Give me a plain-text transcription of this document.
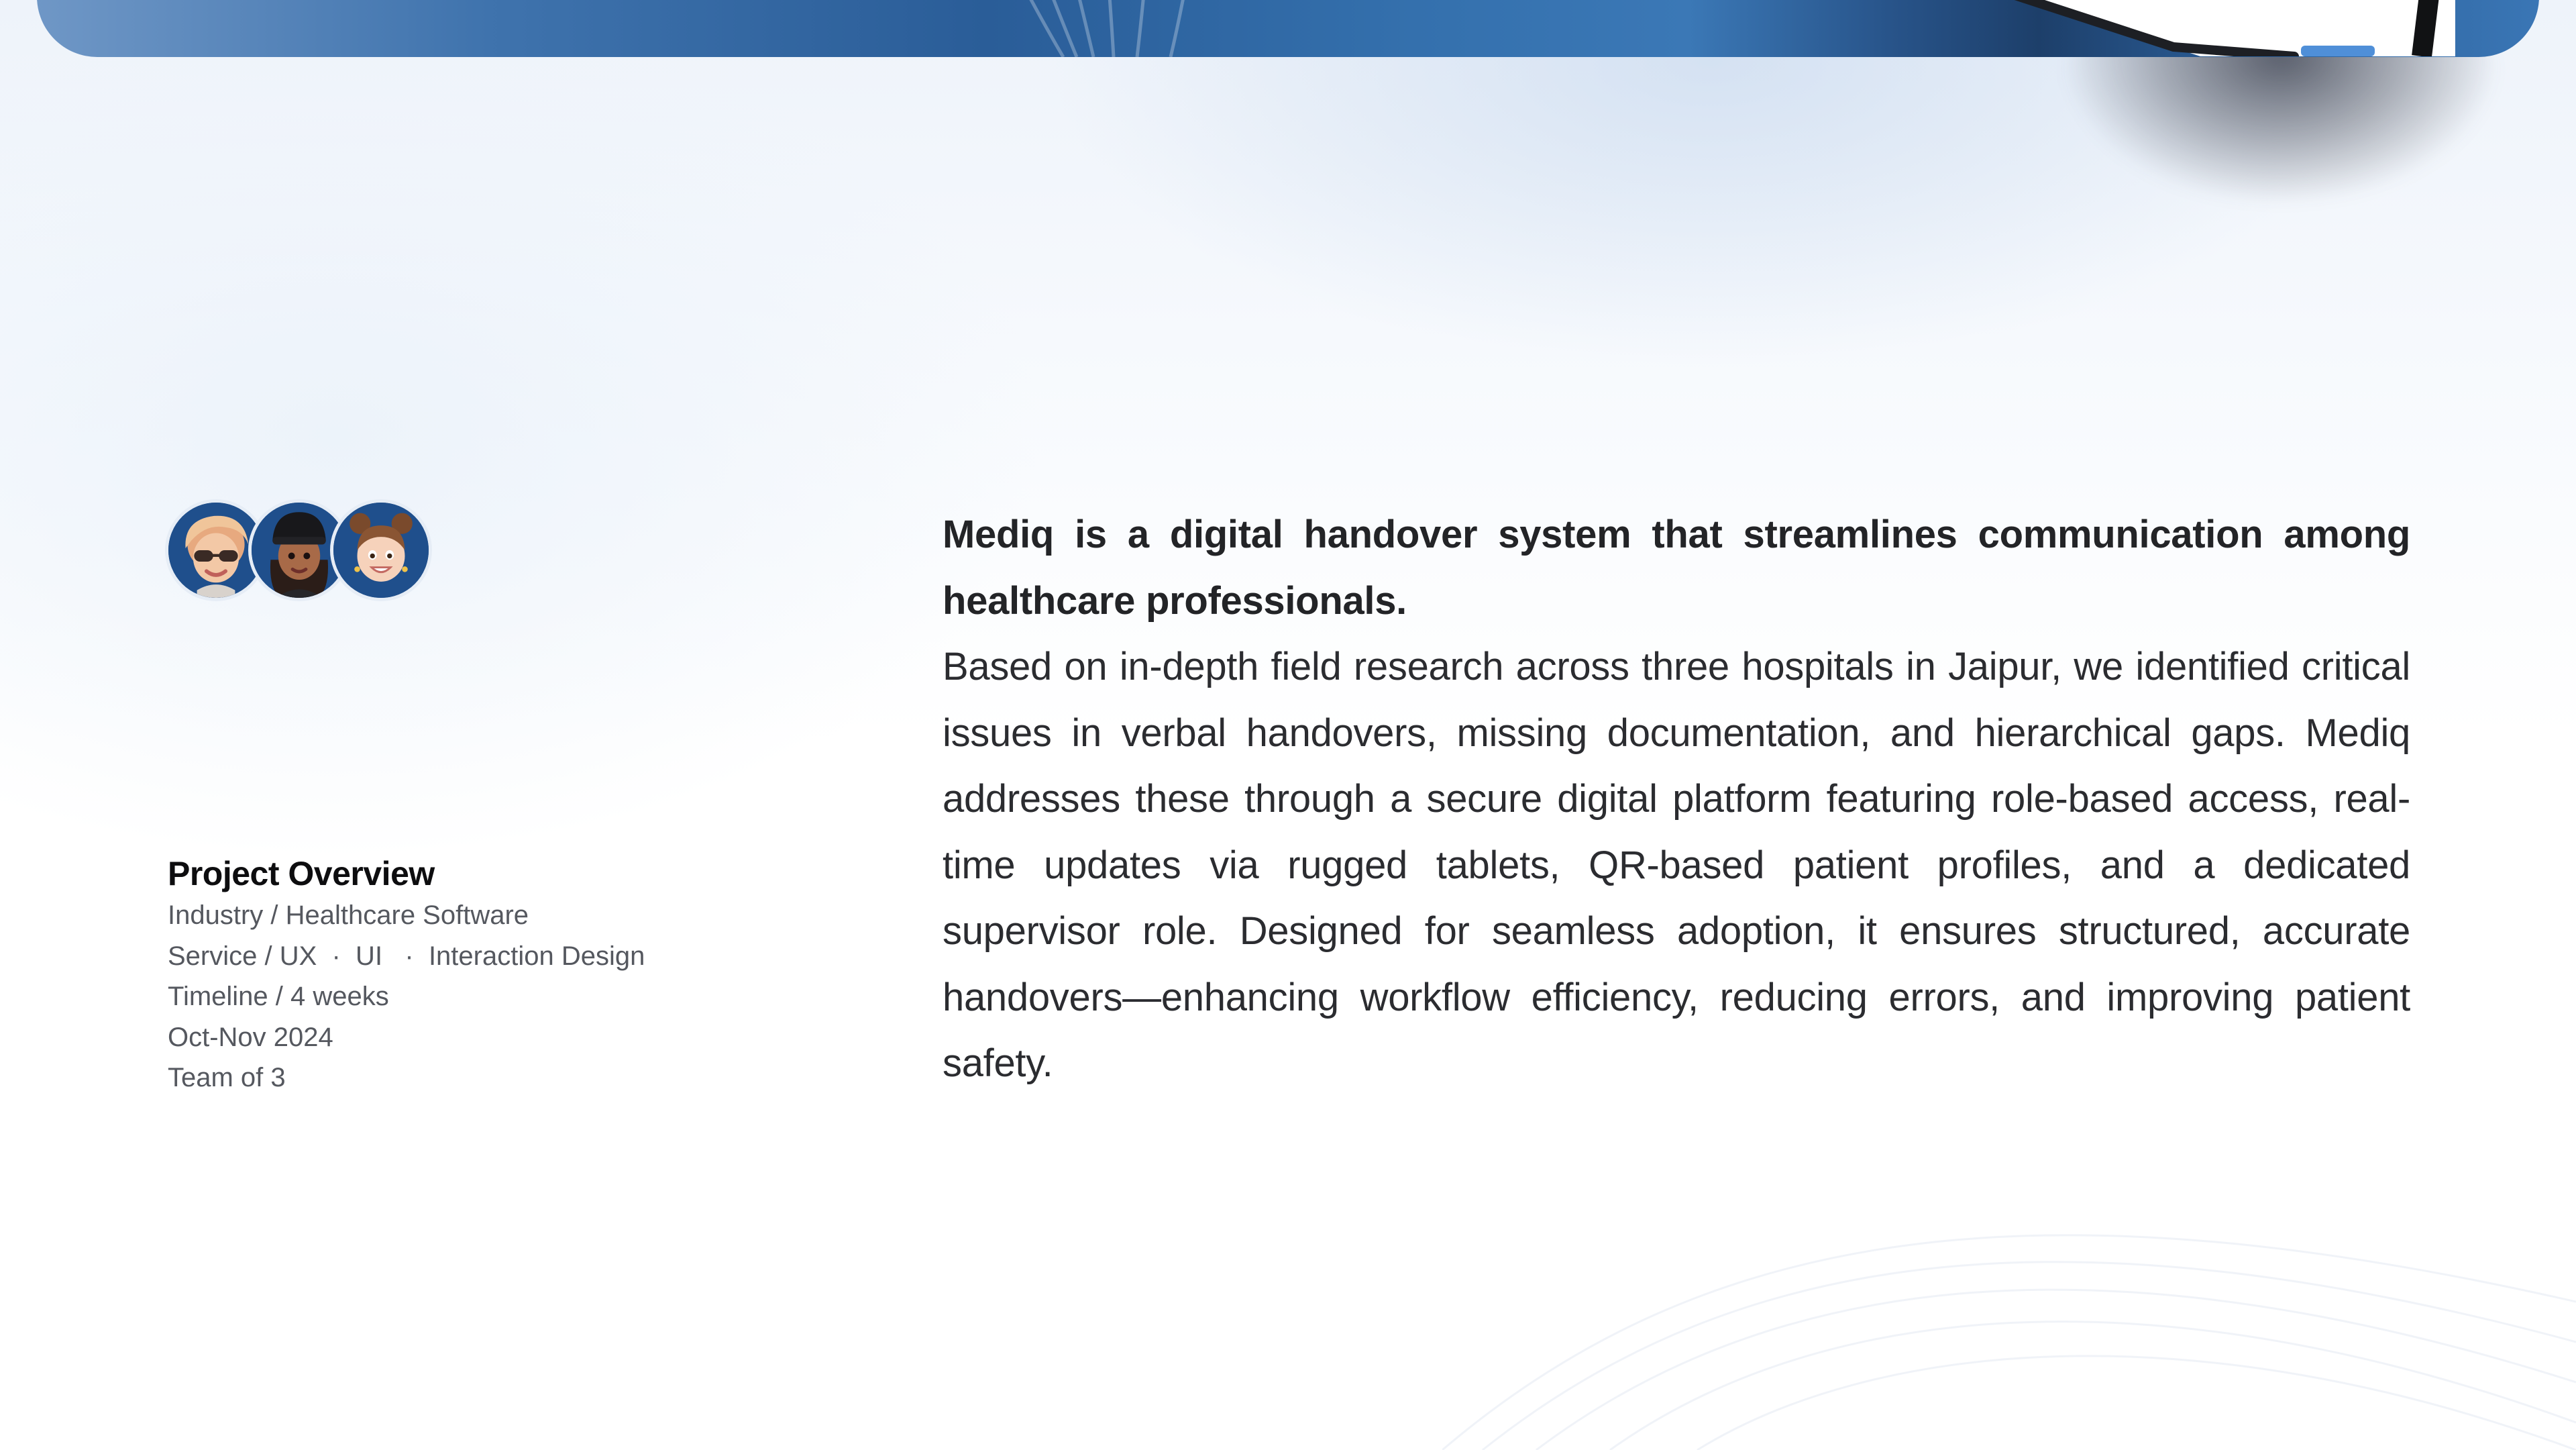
Project Overview
Industry / Healthcare Software
Service / UX  ·  UI   ·  Interaction Design
Timeline / 4 weeks
Oct-Nov 2024
Team of 3

Mediq is a digital handover system that streamlines communication among healthcare professionals.

Based on in-depth field research across three hospitals in Jaipur, we identified critical issues in verbal handovers, missing documentation, and hierarchical gaps. Mediq addresses these through a secure digital platform featuring role-based access, real-time updates via rugged tablets, QR-based patient profiles, and a dedicated supervisor role. Designed for seamless adoption, it ensures structured, accurate handovers—enhancing workflow efficiency, reducing errors, and improving patient safety.
